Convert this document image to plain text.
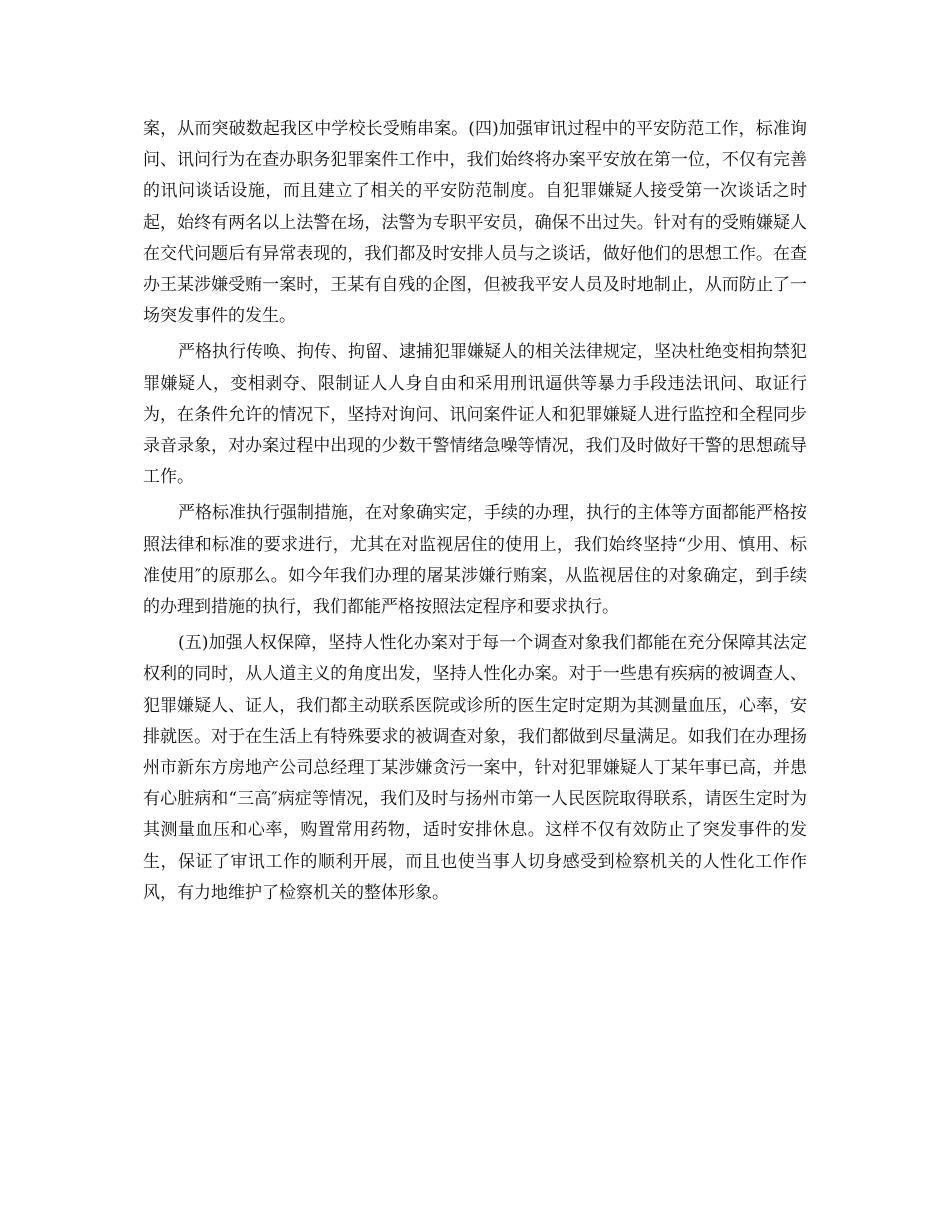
案，从而突破数起我区中学校长受贿串案。(四)加强审讯过程中的平安防范工作，标准询问、讯问行为在查办职务犯罪案件工作中，我们始终将办案平安放在第一位，不仅有完善的讯问谈话设施，而且建立了相关的平安防范制度。自犯罪嫌疑人接受第一次谈话之时起，始终有两名以上法警在场，法警为专职平安员，确保不出过失。针对有的受贿嫌疑人在交代问题后有异常表现的，我们都及时安排人员与之谈话，做好他们的思想工作。在查办王某涉嫌受贿一案时，王某有自残的企图，但被我平安人员及时地制止，从而防止了一场突发事件的发生。

严格执行传唤、拘传、拘留、逮捕犯罪嫌疑人的相关法律规定，坚决杜绝变相拘禁犯罪嫌疑人，变相剥夺、限制证人人身自由和采用刑讯逼供等暴力手段违法讯问、取证行为，在条件允许的情况下，坚持对询问、讯问案件证人和犯罪嫌疑人进行监控和全程同步录音录象，对办案过程中出现的少数干警情绪急噪等情况，我们及时做好干警的思想疏导工作。

严格标准执行强制措施，在对象确实定，手续的办理，执行的主体等方面都能严格按照法律和标准的要求进行，尤其在对监视居住的使用上，我们始终坚持“少用、慎用、标准使用″的原那么。如今年我们办理的屠某涉嫌行贿案，从监视居住的对象确定，到手续的办理到措施的执行，我们都能严格按照法定程序和要求执行。

(五)加强人权保障，坚持人性化办案对于每一个调查对象我们都能在充分保障其法定权利的同时，从人道主义的角度出发，坚持人性化办案。对于一些患有疾病的被调查人、犯罪嫌疑人、证人，我们都主动联系医院或诊所的医生定时定期为其测量血压，心率，安排就医。对于在生活上有特殊要求的被调查对象，我们都做到尽量满足。如我们在办理扬州市新东方房地产公司总经理丁某涉嫌贪污一案中，针对犯罪嫌疑人丁某年事已高，并患有心脏病和“三高″病症等情况，我们及时与扬州市第一人民医院取得联系，请医生定时为其测量血压和心率，购置常用药物，适时安排休息。这样不仅有效防止了突发事件的发生，保证了审讯工作的顺利开展，而且也使当事人切身感受到检察机关的人性化工作作风，有力地维护了检察机关的整体形象。
